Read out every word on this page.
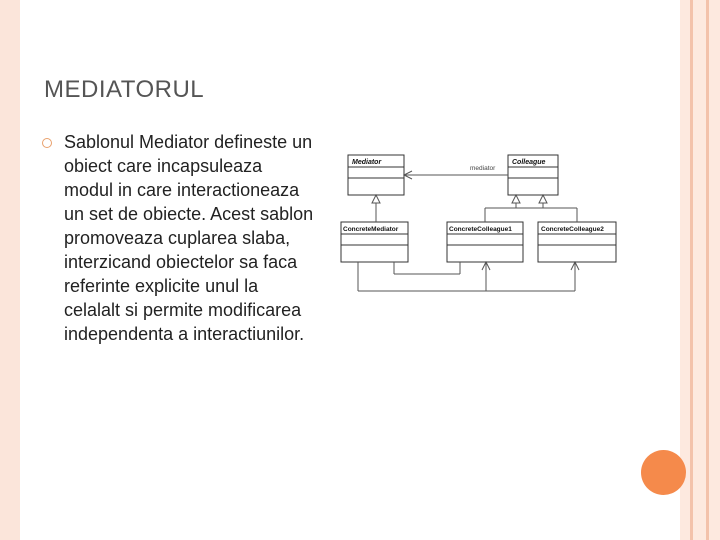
MEDIATORUL

Sablonul Mediator defineste un obiect care incapsuleaza modul in care interactioneaza un set de obiecte. Acest sablon promoveaza cuplarea slaba, interzicand obiectelor sa faca referinte explicite unul la celalalt si permite modificarea independenta a interactiunilor.

Mediator	Colleague
ConcreteMediator	ConcreteColleague1	ConcreteColleague2
mediator
